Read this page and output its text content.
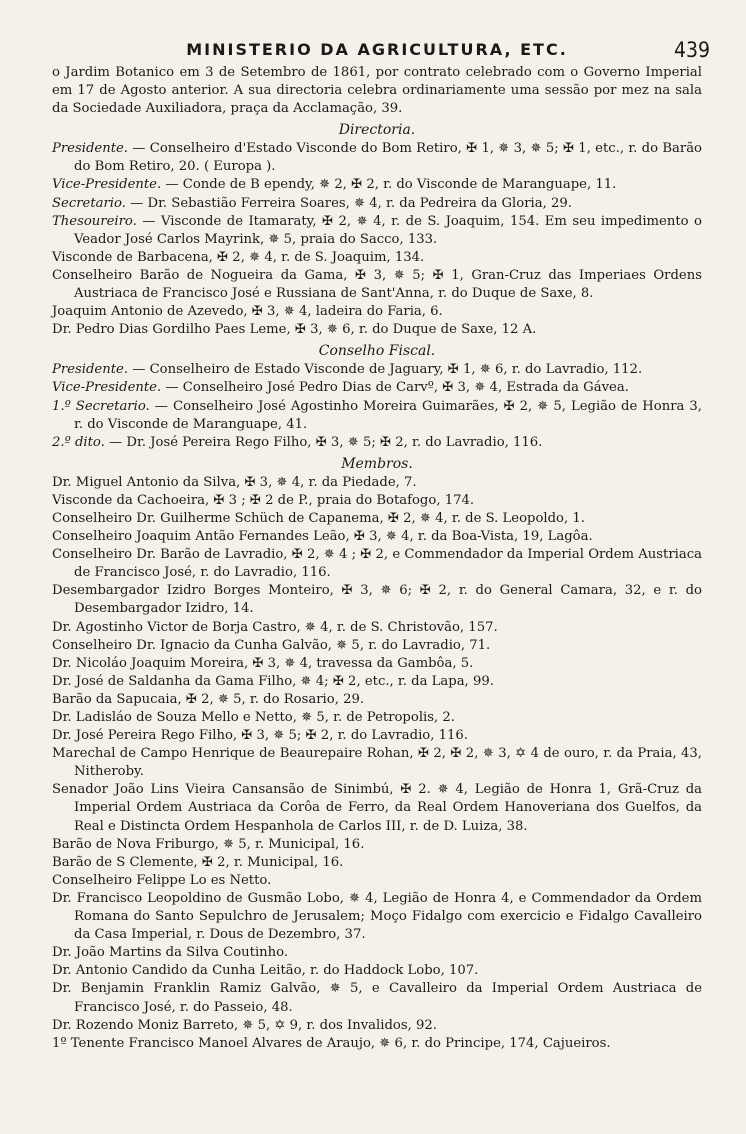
MINISTERIO DA AGRICULTURA, ETC.	439

o Jardim Botanico em 3 de Setembro de 1861, por contrato celebrado com o Governo Imperial em 17 de Agosto anterior. A sua directoria celebra ordinariamente uma sessão por mez na sala da Sociedade Auxiliadora, praça da Acclamação, 39.

Directoria.

Presidente. — Conselheiro d'Estado Visconde do Bom Retiro, ✠ 1, ✵ 3, ✵ 5; ✠ 1, etc., r. do Barão do Bom Retiro, 20. ( Europa ).

Vice-Presidente. — Conde de B ependy, ✵ 2, ✠ 2, r. do Visconde de Maranguape, 11.

Secretario. — Dr. Sebastião Ferreira Soares, ✵ 4, r. da Pedreira da Gloria, 29.

Thesoureiro. — Visconde de Itamaraty, ✠ 2, ✵ 4, r. de S. Joaquim, 154. Em seu impedimento o Veador José Carlos Mayrink, ✵ 5, praia do Sacco, 133.

Visconde de Barbacena, ✠ 2, ✵ 4, r. de S. Joaquim, 134.

Conselheiro Barão de Nogueira da Gama, ✠ 3, ✵ 5; ✠ 1, Gran-Cruz das Imperiaes Ordens Austriaca de Francisco José e Russiana de Sant'Anna, r. do Duque de Saxe, 8.

Joaquim Antonio de Azevedo, ✠ 3, ✵ 4, ladeira do Faria, 6.

Dr. Pedro Dias Gordilho Paes Leme, ✠ 3, ✵ 6, r. do Duque de Saxe, 12 A.

Conselho Fiscal.

Presidente. — Conselheiro de Estado Visconde de Jaguary, ✠ 1, ✵ 6, r. do Lavradio, 112.

Vice-Presidente. — Conselheiro José Pedro Dias de Carvº, ✠ 3, ✵ 4, Estrada da Gávea.

1.º Secretario. — Conselheiro José Agostinho Moreira Guimarães, ✠ 2, ✵ 5, Legião de Honra 3, r. do Visconde de Maranguape, 41.

2.º dito. — Dr. José Pereira Rego Filho, ✠ 3, ✵ 5; ✠ 2, r. do Lavradio, 116.

Membros.

Dr. Miguel Antonio da Silva, ✠ 3, ✵ 4, r. da Piedade, 7.

Visconde da Cachoeira, ✠ 3 ; ✠ 2 de P., praia do Botafogo, 174.

Conselheiro Dr. Guilherme Schüch de Capanema, ✠ 2, ✵ 4, r. de S. Leopoldo, 1.

Conselheiro Joaquim Antão Fernandes Leão, ✠ 3, ✵ 4, r. da Boa-Vista, 19, Lagôa.

Conselheiro Dr. Barão de Lavradio, ✠ 2, ✵ 4 ; ✠ 2, e Commendador da Imperial Ordem Austriaca de Francisco José, r. do Lavradio, 116.

Desembargador Izidro Borges Monteiro, ✠ 3, ✵ 6; ✠ 2, r. do General Camara, 32, e r. do Desembargador Izidro, 14.

Dr. Agostinho Victor de Borja Castro, ✵ 4, r. de S. Christovão, 157.

Conselheiro Dr. Ignacio da Cunha Galvão, ✵ 5, r. do Lavradio, 71.

Dr. Nicoláo Joaquim Moreira, ✠ 3, ✵ 4, travessa da Gambôa, 5.

Dr. José de Saldanha da Gama Filho, ✵ 4; ✠ 2, etc., r. da Lapa, 99.

Barão da Sapucaia, ✠ 2, ✵ 5, r. do Rosario, 29.

Dr. Ladisláo de Souza Mello e Netto, ✵ 5, r. de Petropolis, 2.

Dr. José Pereira Rego Filho, ✠ 3, ✵ 5; ✠ 2, r. do Lavradio, 116.

Marechal de Campo Henrique de Beaurepaire Rohan, ✠ 2, ✠ 2, ✵ 3, ✡ 4 de ouro, r. da Praia, 43, Nitheroby.

Senador João Lins Vieira Cansansão de Sinimbú, ✠ 2. ✵ 4, Legião de Honra 1, Grã-Cruz da Imperial Ordem Austriaca da Corôa de Ferro, da Real Ordem Hanoveriana dos Guelfos, da Real e Distincta Ordem Hespanhola de Carlos III, r. de D. Luiza, 38.

Barão de Nova Friburgo, ✵ 5, r. Municipal, 16.

Barão de S Clemente, ✠ 2, r. Municipal, 16.

Conselheiro Felippe Lo es Netto.

Dr. Francisco Leopoldino de Gusmão Lobo, ✵ 4, Legião de Honra 4, e Commendador da Ordem Romana do Santo Sepulchro de Jerusalem; Moço Fidalgo com exercicio e Fidalgo Cavalleiro da Casa Imperial, r. Dous de Dezembro, 37.

Dr. João Martins da Silva Coutinho.

Dr. Antonio Candido da Cunha Leitão, r. do Haddock Lobo, 107.

Dr. Benjamin Franklin Ramiz Galvão, ✵ 5, e Cavalleiro da Imperial Ordem Austriaca de Francisco José, r. do Passeio, 48.

Dr. Rozendo Moniz Barreto, ✵ 5, ✡ 9, r. dos Invalidos, 92.

1º Tenente Francisco Manoel Alvares de Araujo, ✵ 6, r. do Principe, 174, Cajueiros.
